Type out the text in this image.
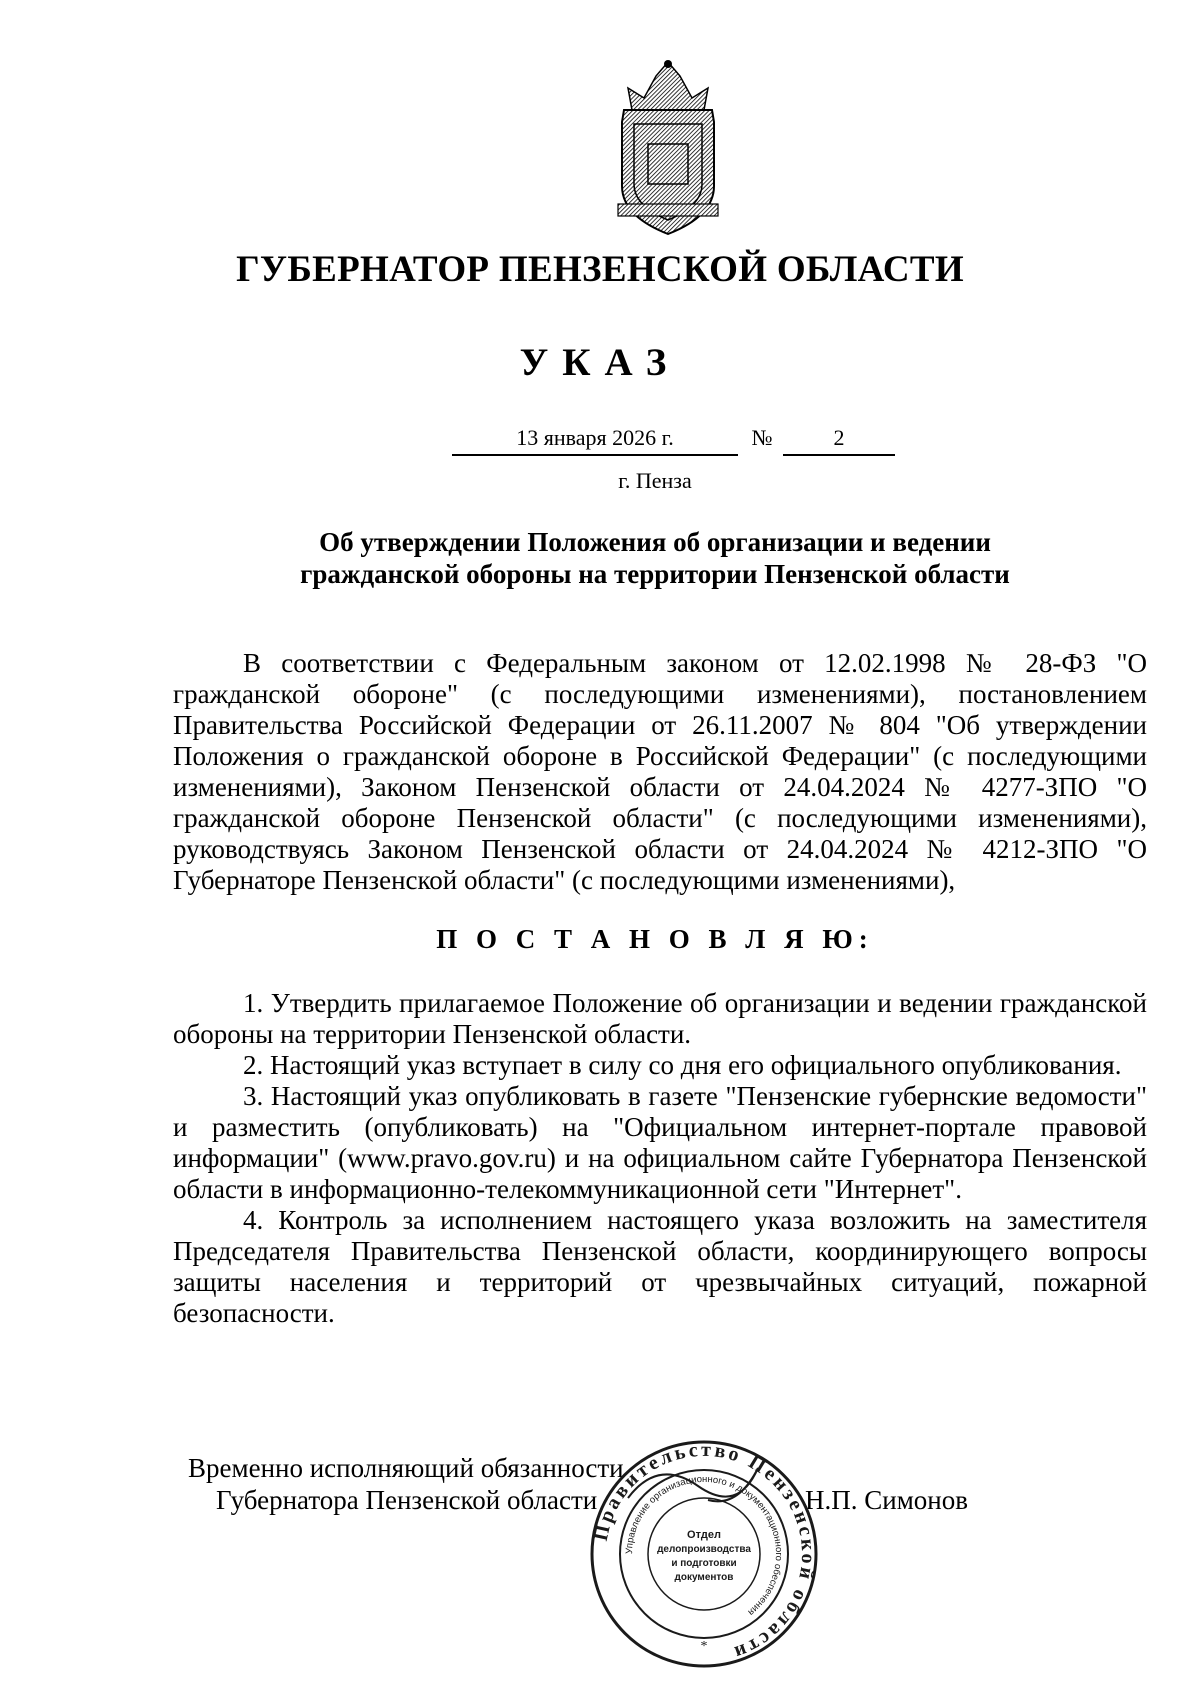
ГУБЕРНАТОР ПЕНЗЕНСКОЙ ОБЛАСТИ
УКАЗ
13 января 2026 г.	№	2
г. Пенза
Об утверждении Положения об организации и ведении
гражданской обороны на территории Пензенской области

В соответствии с Федеральным законом от 12.02.1998 № 28-ФЗ "О гражданской обороне" (с последующими изменениями), постановлением Правительства Российской Федерации от 26.11.2007 № 804 "Об утверждении Положения о гражданской обороне в Российской Федерации" (с последующими изменениями), Законом Пензенской области от 24.04.2024 № 4277-ЗПО "О гражданской обороне Пензенской области" (с последующими изменениями), руководствуясь Законом Пензенской области от 24.04.2024 № 4212-ЗПО "О Губернаторе Пензенской области" (с последующими изменениями),

П О С Т А Н О В Л Я Ю:

1. Утвердить прилагаемое Положение об организации и ведении гражданской обороны на территории Пензенской области.

2. Настоящий указ вступает в силу со дня его официального опубликования.

3. Настоящий указ опубликовать в газете "Пензенские губернские ведомости" и разместить (опубликовать) на "Официальном интернет-портале правовой информации" (www.pravo.gov.ru) и на официальном сайте Губернатора Пензенской области в информационно-телекоммуникационной сети "Интернет".

4. Контроль за исполнением настоящего указа возложить на заместителя Председателя Правительства Пензенской области, координирующего вопросы защиты населения и территорий от чрезвычайных ситуаций, пожарной безопасности.

Временно исполняющий обязанности
Губернатора Пензенской области	Н.П. Симонов
Правительство Пензенской области
Управление организационного и документационного обеспечения
Отдел
делопроизводства
и подготовки
документов
*
